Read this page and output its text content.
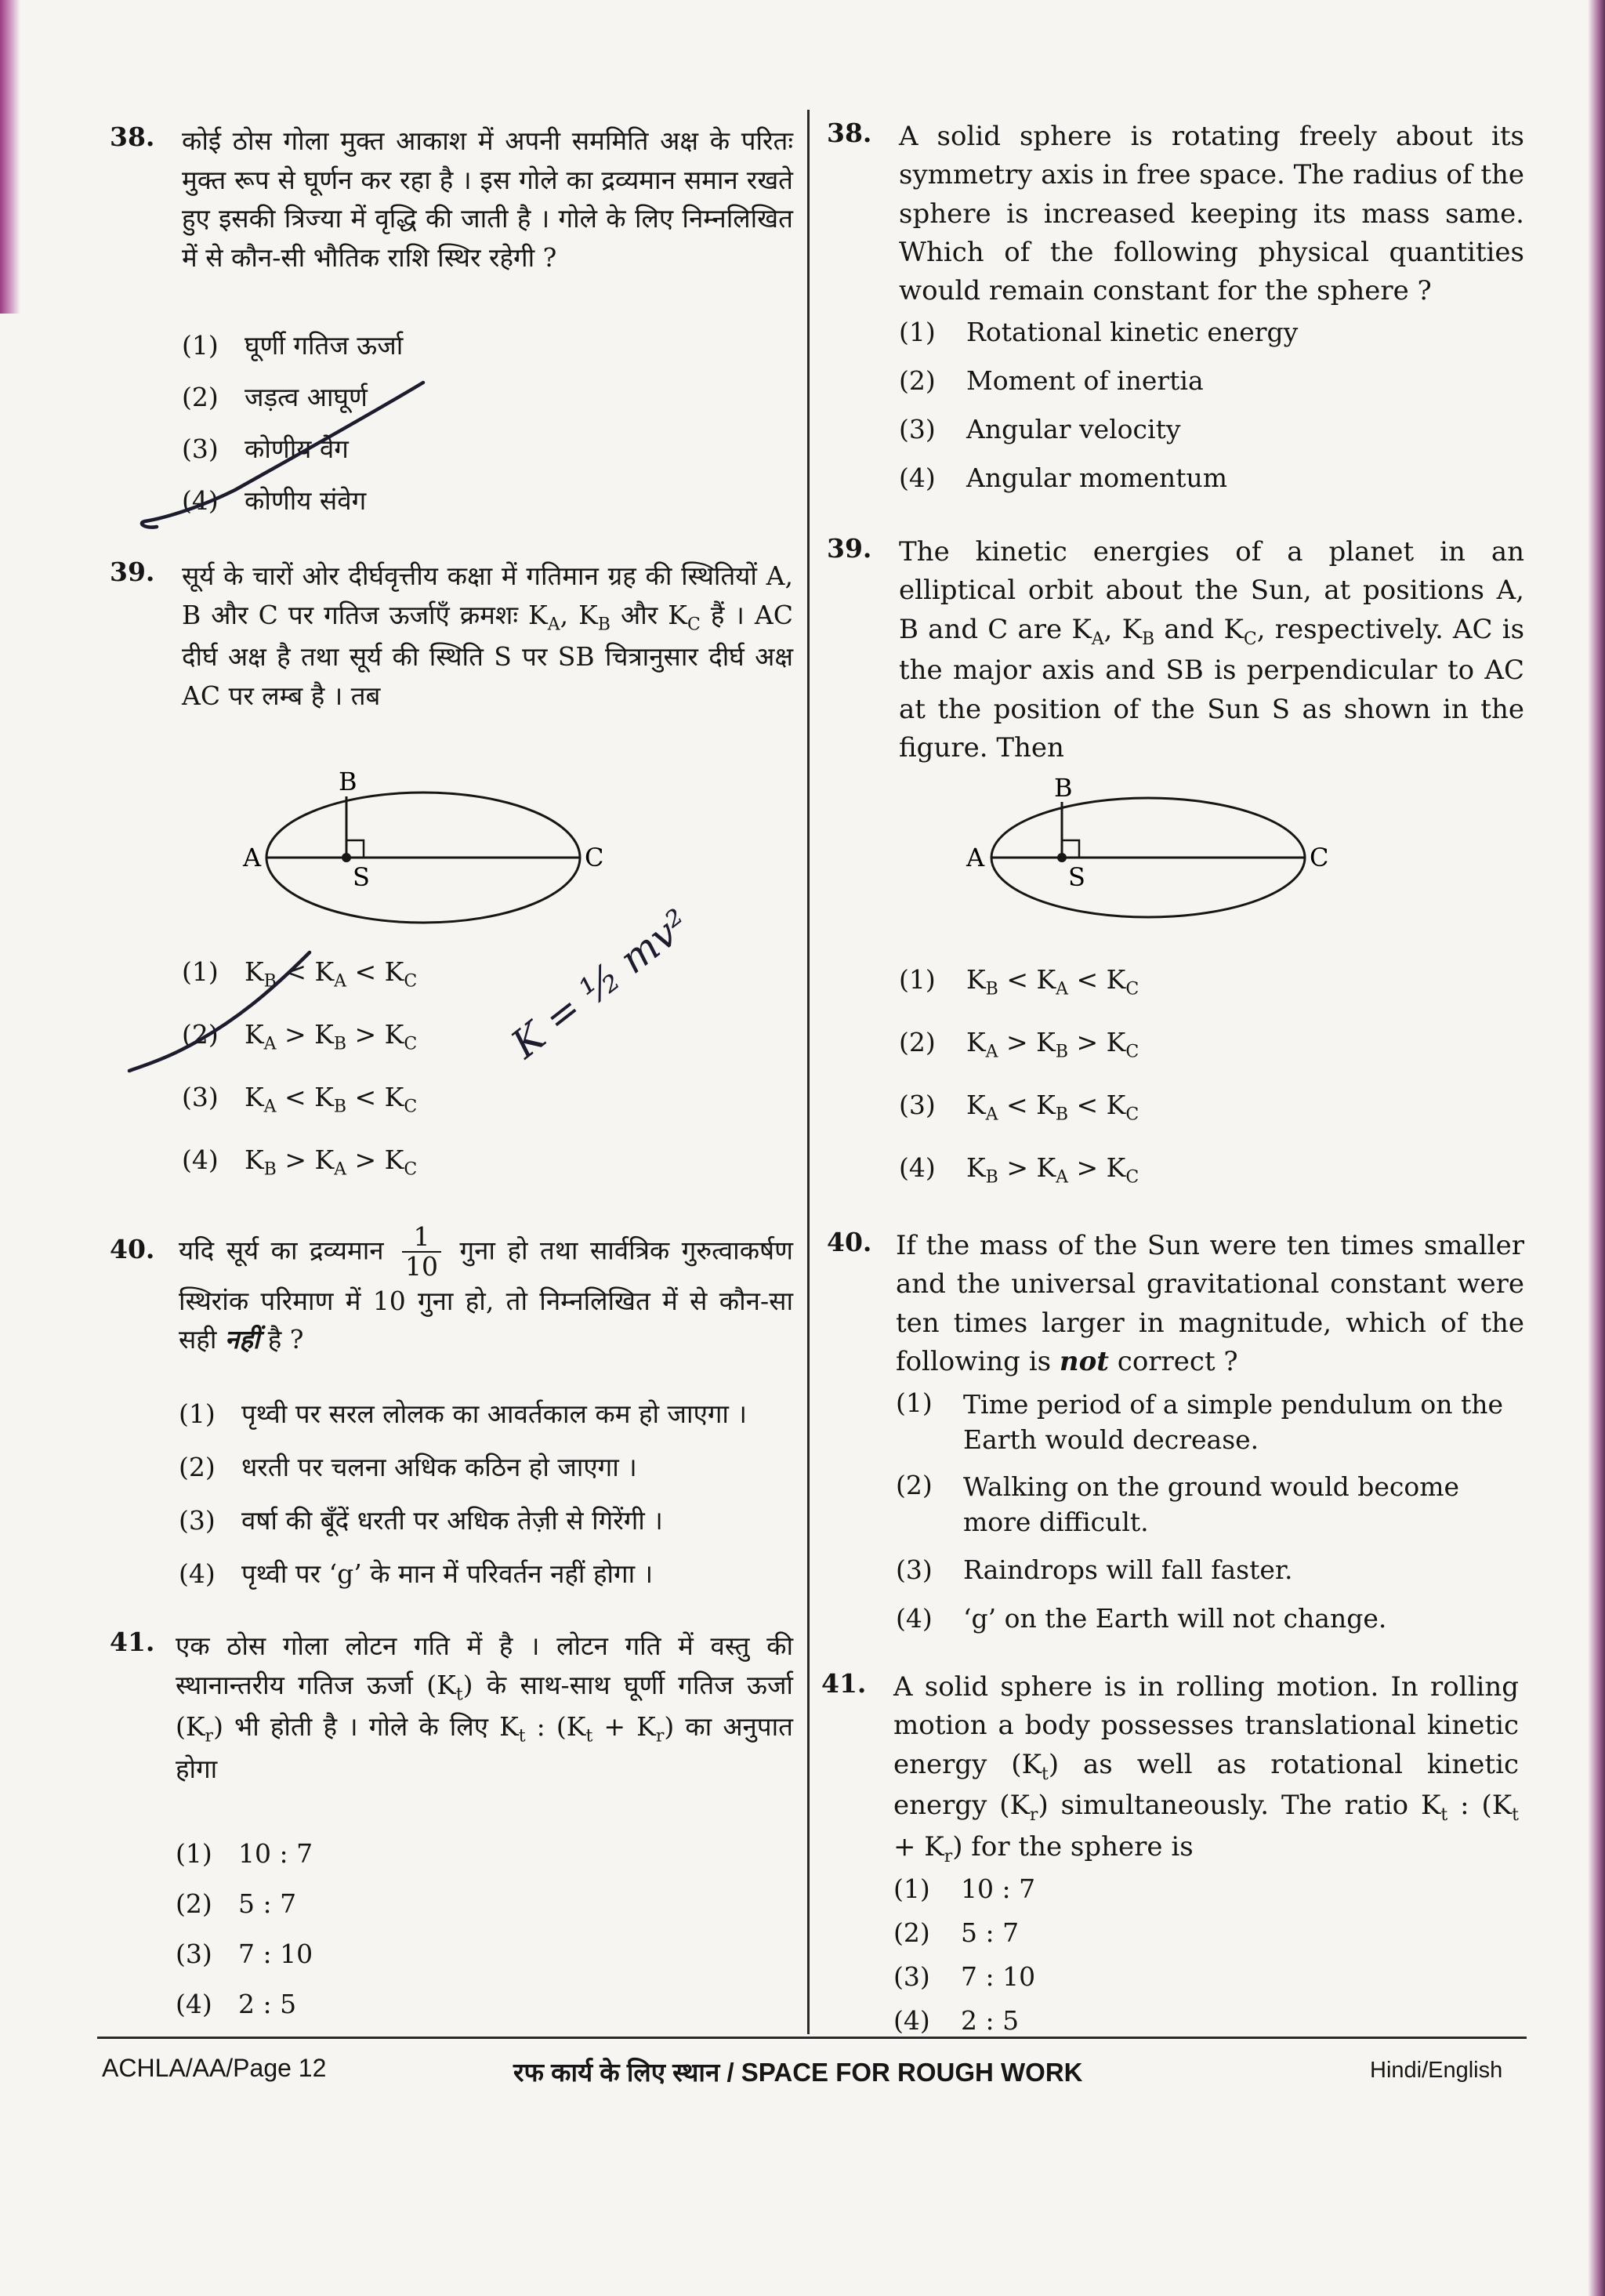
38. कोई ठोस गोला मुक्त आकाश में अपनी सममिति अक्ष के परितः मुक्त रूप से घूर्णन कर रहा है । इस गोले का द्रव्यमान समान रखते हुए इसकी त्रिज्या में वृद्धि की जाती है । गोले के लिए निम्नलिखित में से कौन-सी भौतिक राशि स्थिर रहेगी ?
(1) घूर्णी गतिज ऊर्जा
(2) जड़त्व आघूर्ण
(3) कोणीय वेग
(4) कोणीय संवेग
39. सूर्य के चारों ओर दीर्घवृत्तीय कक्षा में गतिमान ग्रह की स्थितियों A, B और C पर गतिज ऊर्जाएँ क्रमशः $K_A$, $K_B$ और $K_C$ हैं । AC दीर्घ अक्ष है तथा सूर्य की स्थिति S पर SB चित्रानुसार दीर्घ अक्ष AC पर लम्ब है । तब
B
A	C
S
(1) $K_B < K_A < K_C$
(2) $K_A > K_B > K_C$
(3) $K_A < K_B < K_C$
(4) $K_B > K_A > K_C$
40. यदि सूर्य का द्रव्यमान $\frac{1}{10}$ गुना हो तथा सार्वत्रिक गुरुत्वाकर्षण स्थिरांक परिमाण में 10 गुना हो, तो निम्नलिखित में से कौन-सा सही नहीं है ?
(1) पृथ्वी पर सरल लोलक का आवर्तकाल कम हो जाएगा ।
(2) धरती पर चलना अधिक कठिन हो जाएगा ।
(3) वर्षा की बूँदें धरती पर अधिक तेज़ी से गिरेंगी ।
(4) पृथ्वी पर ‘g’ के मान में परिवर्तन नहीं होगा ।
41. एक ठोस गोला लोटन गति में है । लोटन गति में वस्तु की स्थानान्तरीय गतिज ऊर्जा $(K_t)$ के साथ-साथ घूर्णी गतिज ऊर्जा $(K_r)$ भी होती है । गोले के लिए $K_t$ : $(K_t + K_r)$ का अनुपात होगा
(1) 10 : 7
(2) 5 : 7
(3) 7 : 10
(4) 2 : 5
38. A solid sphere is rotating freely about its symmetry axis in free space. The radius of the sphere is increased keeping its mass same. Which of the following physical quantities would remain constant for the sphere ?
(1) Rotational kinetic energy
(2) Moment of inertia
(3) Angular velocity
(4) Angular momentum
39. The kinetic energies of a planet in an elliptical orbit about the Sun, at positions A, B and C are $K_A$, $K_B$ and $K_C$, respectively. AC is the major axis and SB is perpendicular to AC at the position of the Sun S as shown in the figure. Then
B
A	C
S
(1) $K_B < K_A < K_C$
(2) $K_A > K_B > K_C$
(3) $K_A < K_B < K_C$
(4) $K_B > K_A > K_C$
40. If the mass of the Sun were ten times smaller and the universal gravitational constant were ten times larger in magnitude, which of the following is not correct ?
(1)	Time period of a simple pendulum on the Earth would decrease.
(2)	Walking on the ground would become more difficult.
(3) Raindrops will fall faster.
(4) ‘g’ on the Earth will not change.
41. A solid sphere is in rolling motion. In rolling motion a body possesses translational kinetic energy $(K_t)$ as well as rotational kinetic energy $(K_r)$ simultaneously. The ratio $K_t$ : $(K_t + K_r)$ for the sphere is
(1) 10 : 7
(2) 5 : 7
(3) 7 : 10
(4) 2 : 5
K = ½ mv²
ACHLA/AA/Page 12	रफ कार्य के लिए स्थान / SPACE FOR ROUGH WORK	Hindi/English
